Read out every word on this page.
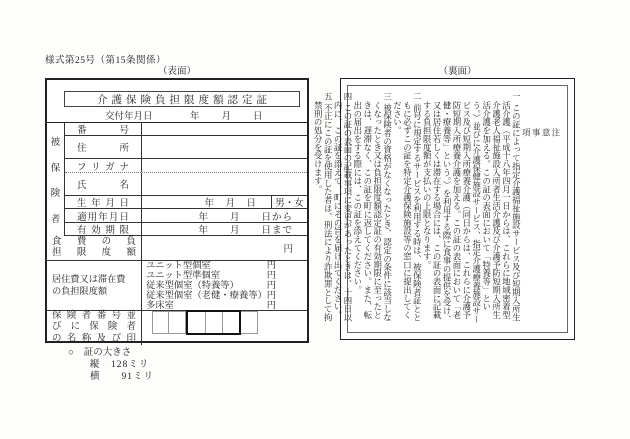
様式第25号（第15条関係）
（表面）	（裏面）
介護保険負担限度額認定証
交付年月日	年　　月　　日
被
保
険
者
番号
住所
フリガナ
氏名
生年月日	年　月　日	男・女
適用年月日	年　　月　　日から
有効期限	年　　月　　日まで
食費の負
担限度額	円
居住費又は滞在費
の負担限度額
ユニット型個室	円
ユニット型準個室	円
従来型個室（特養等）	円
従来型個室（老健・療養等） 円
多床室	円
保険者番号並
びに保険者
の名称及び印
○ 証の大きさ
縦　128ミリ
横　　91ミリ
注意事項

一この証によって指定介護福祉施設サービス及び短期入所生活介護（平成十八年四月一日からは、これらに地域密着型介護老人福祉施設入所者生活介護及び介護予防短期入所生活介護を加える。この証の表面において「特養等」という。）並びに介護保健施設サービス、指定介護療養施設サービス及び短期入所療養介護（同日からは、これらに介護予防短期入所療養介護を加える。この証の表面において「老健・療養等」という。）を利用する際に食事の提供を受け、又は居住若しくは滞在する場合には、この証の表面に記載する負担限度額が支払いの上限となります。

二前号に規定するサービスを利用する時は、被保険者証とともに必ずこの証を特定介護保険施設等の窓口に提出してください。

三被保険者の資格がなくなったとき、認定の条件に該当しなくなったとき又は負担限度額認定証の有効期限に至ったときは、遅滞なく、この証を町に返してください。また、転出の届出をする際には、この証を添えてください。

四この証の表面の記載事項に変更があったときは、十四日以内に、この証を添えて、町にその旨を届け出てください。

五不正にこの証を使用した者は、刑法により詐欺罪として拘禁刑の処分を受けます。
